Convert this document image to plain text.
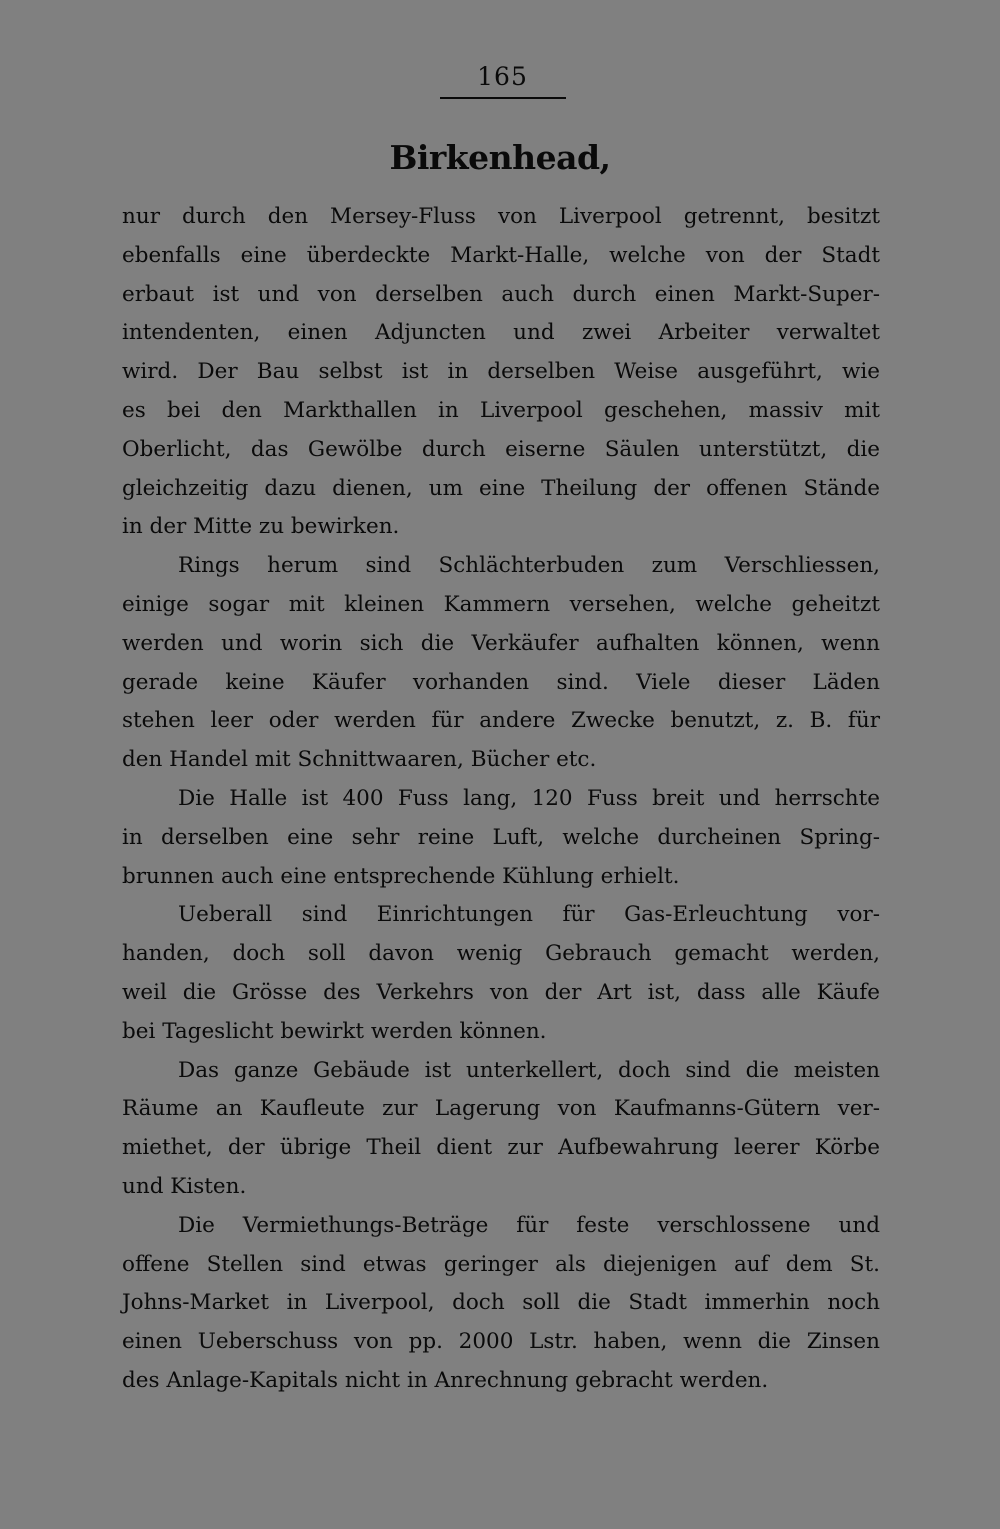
165
Birkenhead,
nur durch den Mersey-Fluss von Liverpool getrennt, besitzt
ebenfalls eine überdeckte Markt-Halle, welche von der Stadt
erbaut ist und von derselben auch durch einen Markt-Super-
intendenten, einen Adjuncten und zwei Arbeiter verwaltet
wird. Der Bau selbst ist in derselben Weise ausgeführt, wie
es bei den Markthallen in Liverpool geschehen, massiv mit
Oberlicht, das Gewölbe durch eiserne Säulen unterstützt, die
gleichzeitig dazu dienen, um eine Theilung der offenen Stände
in der Mitte zu bewirken.
Rings herum sind Schlächterbuden zum Verschliessen,
einige sogar mit kleinen Kammern versehen, welche geheitzt
werden und worin sich die Verkäufer aufhalten können, wenn
gerade keine Käufer vorhanden sind. Viele dieser Läden
stehen leer oder werden für andere Zwecke benutzt, z. B. für
den Handel mit Schnittwaaren, Bücher etc.
Die Halle ist 400 Fuss lang, 120 Fuss breit und herrschte
in derselben eine sehr reine Luft, welche durcheinen Spring-
brunnen auch eine entsprechende Kühlung erhielt.
Ueberall sind Einrichtungen für Gas-Erleuchtung vor-
handen, doch soll davon wenig Gebrauch gemacht werden,
weil die Grösse des Verkehrs von der Art ist, dass alle Käufe
bei Tageslicht bewirkt werden können.
Das ganze Gebäude ist unterkellert, doch sind die meisten
Räume an Kaufleute zur Lagerung von Kaufmanns-Gütern ver-
miethet, der übrige Theil dient zur Aufbewahrung leerer Körbe
und Kisten.
Die Vermiethungs-Beträge für feste verschlossene und
offene Stellen sind etwas geringer als diejenigen auf dem St.
Johns-Market in Liverpool, doch soll die Stadt immerhin noch
einen Ueberschuss von pp. 2000 Lstr. haben, wenn die Zinsen
des Anlage-Kapitals nicht in Anrechnung gebracht werden.
